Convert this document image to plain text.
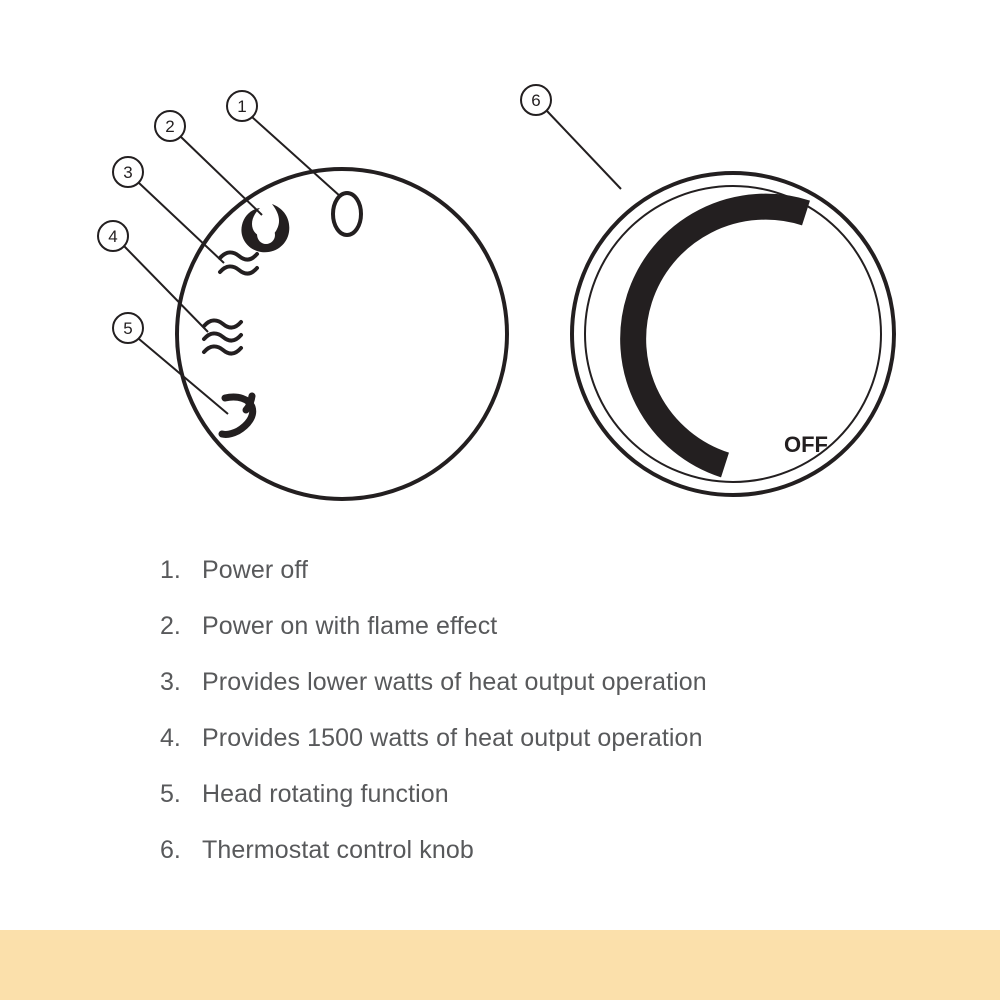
1
2
3
4
5
OFF
6
1. Power off
2. Power on with flame effect
3. Provides lower watts of heat output operation
4. Provides 1500 watts of heat output operation
5. Head rotating function
6. Thermostat control knob
